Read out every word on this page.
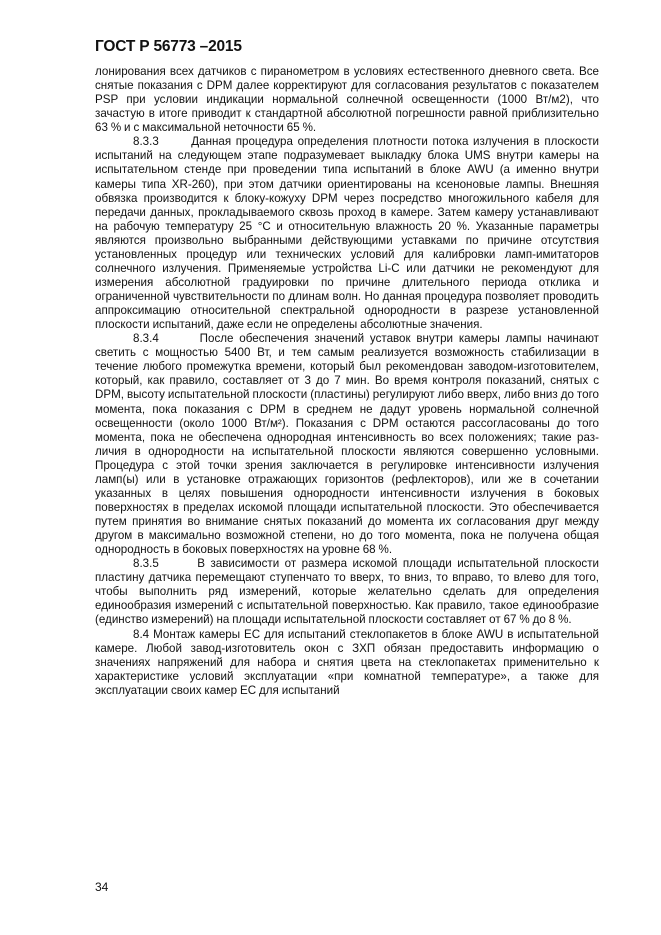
ГОСТ Р 56773 –2015

лонирования всех датчиков с пиранометром в условиях естественного дневного света. Все снятые показания с DPM далее корректируют для согласования результатов с показателем PSP при условии индикации нормальной солнечной освещенности (1000 Вт/м2), что зачастую в итоге приводит к стандартной абсолютной погрешности равной приблизительно 63 % и с максимальной неточности 65 %.

8.3.3	Данная процедура определения плотности потока излучения в плоскости испытаний на следующем этапе подразумевает выкладку блока UMS внутри камеры на испытательном стенде при проведении типа испытаний в блоке AWU (а именно внутри камеры типа XR-260), при этом датчики ориентированы на ксеноновые лампы. Внешняя обвязка производится к блоку-кожуху DPM через посредство многожильного кабеля для передачи данных, прокладываемого сквозь проход в камере. Затем камеру устанавливают на рабочую температуру 25 °С и относительную влажность 20 %. Указанные параметры являются произвольно выбранными действующими уставками по причине отсутствия установленных процедур или технических условий для калибровки ламп-имитаторов солнечного излучения. Применяемые устройства Li-C или датчики не рекомендуют для измерения абсолютной градуировки по причине длительного периода отклика и ограниченной чувствительности по длинам волн. Но данная процедура позволяет проводить аппроксимацию относительной спектральной однородности в разрезе установленной плоскости испытаний, даже если не определены абсолютные значения.

8.3.4	После обеспечения значений уставок внутри камеры лампы начинают светить с мощностью 5400 Вт, и тем самым реализуется возможность стабилизации в течение любого промежутка времени, который был рекомендован заводом-изготовителем, который, как правило, составляет от 3 до 7 мин. Во время контроля показаний, снятых с DPM, высоту испытательной плоскости (пластины) регулируют либо вверх, либо вниз до того момента, пока показания с DPM в среднем не дадут уровень нормальной солнечной освещенности (около 1000 Вт/м²). Показания с DPM остаются рассогласованы до того момента, пока не обеспечена однородная интенсивность во всех положениях; такие различия в однородности на испытательной плоскости являются совершенно условными. Процедура с этой точки зрения заключается в регулировке интенсивности излучения ламп(ы) или в установке отражающих горизонтов (рефлекторов), или же в сочетании указанных в целях повышения однородности интенсивности излучения в боковых поверхностях в пределах искомой площади испытательной плоскости. Это обеспечивается путем принятия во внимание снятых показаний до момента их согласования друг между другом в максимально возможной степени, но до того момента, пока не получена общая однородность в боковых поверхностях на уровне 68 %.

8.3.5	В зависимости от размера искомой площади испытательной плоскости пластину датчика перемещают ступенчато то вверх, то вниз, то вправо, то влево для того, чтобы выполнить ряд измерений, которые желательно сделать для определения единообразия измерений с испытательной поверхностью. Как правило, такое единообразие (единство измерений) на площади испытательной плоскости составляет от 67 % до 8 %.

8.4 Монтаж камеры ЕС для испытаний стеклопакетов в блоке AWU в испытательной камере. Любой завод-изготовитель окон с ЗХП обязан предоставить информацию о значениях напряжений для набора и снятия цвета на стеклопакетах применительно к характеристике условий эксплуатации «при комнатной температуре», а также для эксплуатации своих камер ЕС для испытаний

34
